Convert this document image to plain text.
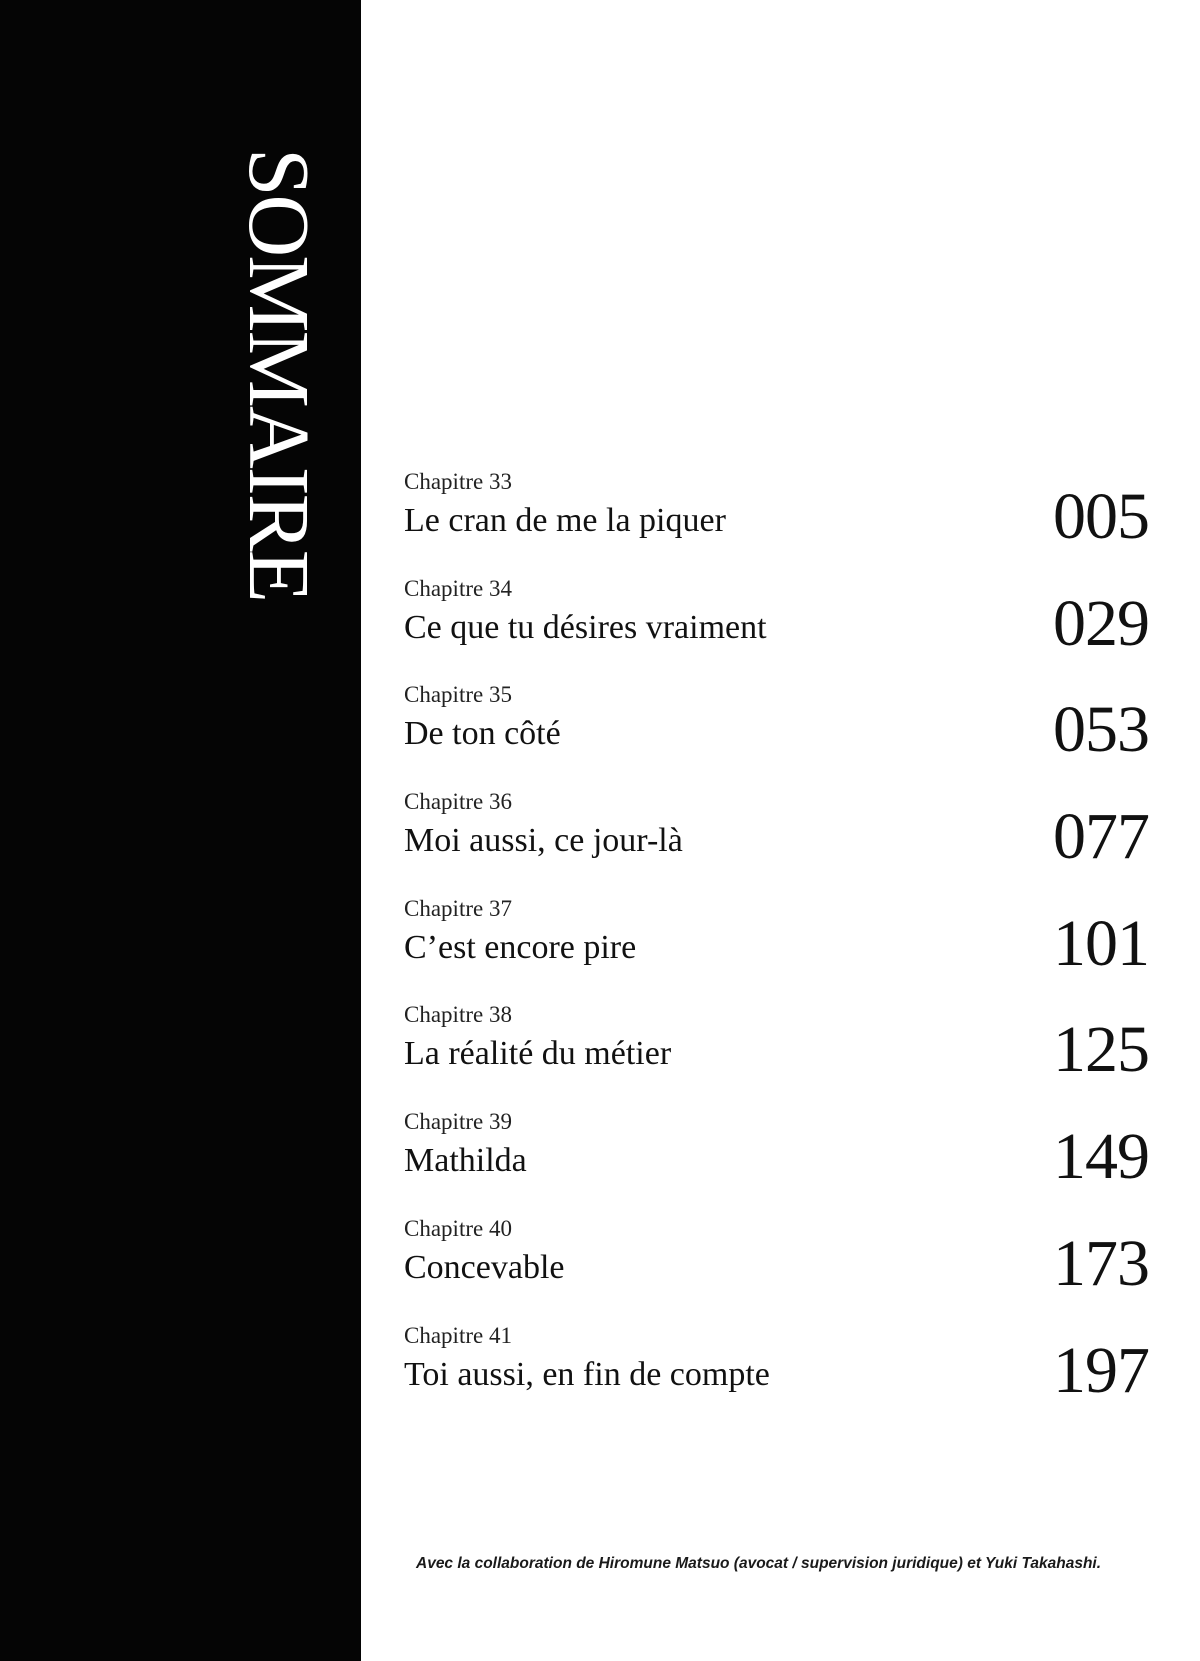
SOMMAIRE	Chapitre 33
Le cran de me la piquer	005
Chapitre 34
Ce que tu désires vraiment	029
Chapitre 35
De ton côté	053
Chapitre 36
Moi aussi, ce jour-là	077
Chapitre 37
C’est encore pire	101
Chapitre 38
La réalité du métier	125
Chapitre 39
Mathilda	149
Chapitre 40
Concevable	173
Chapitre 41
Toi aussi, en fin de compte	197
Avec la collaboration de Hiromune Matsuo (avocat / supervision juridique) et Yuki Takahashi.
